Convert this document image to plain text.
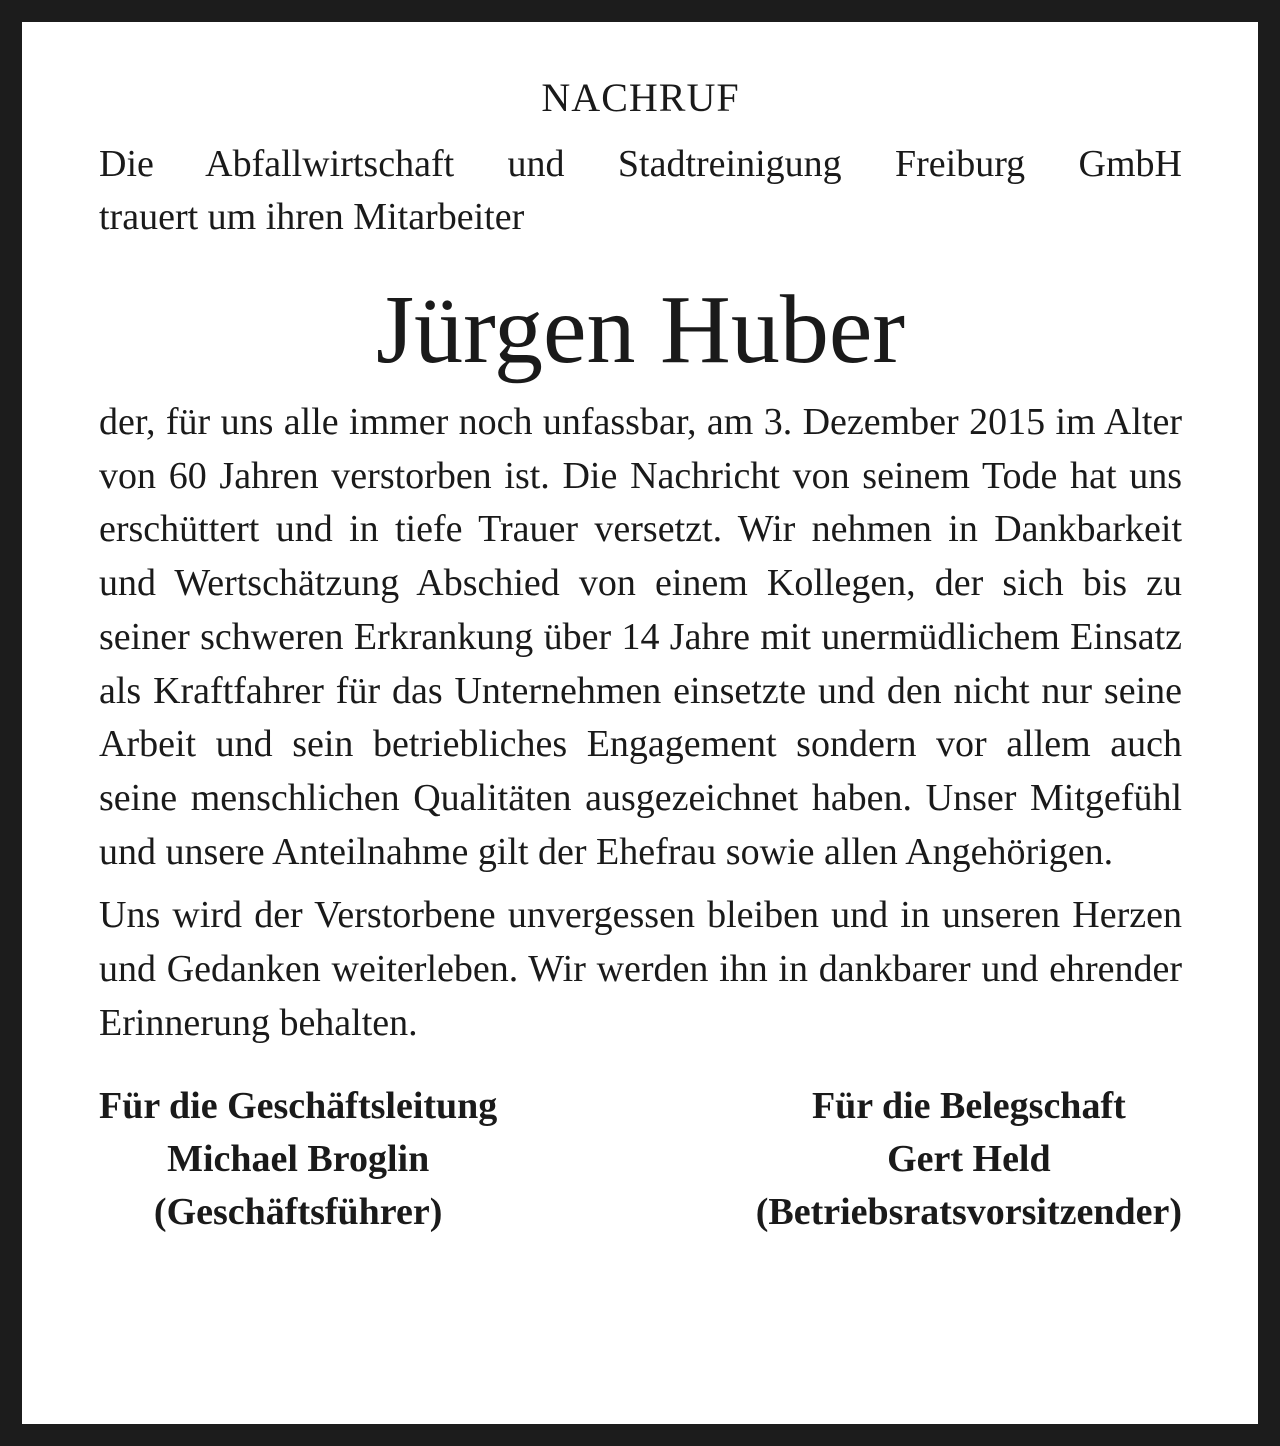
NACHRUF
Die Abfallwirtschaft und Stadtreinigung Freiburg GmbH
trauert um ihren Mitarbeiter
Jürgen Huber
der, für uns alle immer noch unfassbar, am 3. Dezember 2015 im Alter von 60 Jahren verstorben ist. Die Nachricht von seinem Tode hat uns erschüttert und in tiefe Trauer versetzt. Wir nehmen in Dankbarkeit und Wertschätzung Abschied von einem Kollegen, der sich bis zu seiner schweren Erkrankung über 14 Jahre mit unermüdlichem Einsatz als Kraftfahrer für das Unternehmen einsetzte und den nicht nur seine Arbeit und sein betriebliches Engagement sondern vor allem auch seine menschlichen Qualitäten ausgezeichnet haben. Unser Mitgefühl und unsere Anteilnahme gilt der Ehefrau sowie allen Angehörigen.
Uns wird der Verstorbene unvergessen bleiben und in unseren Herzen und Gedanken weiterleben. Wir werden ihn in dankbarer und ehrender Erinnerung behalten.
Für die Geschäftsleitung
Michael Broglin
(Geschäftsführer)
Für die Belegschaft
Gert Held
(Betriebsratsvorsitzender)
